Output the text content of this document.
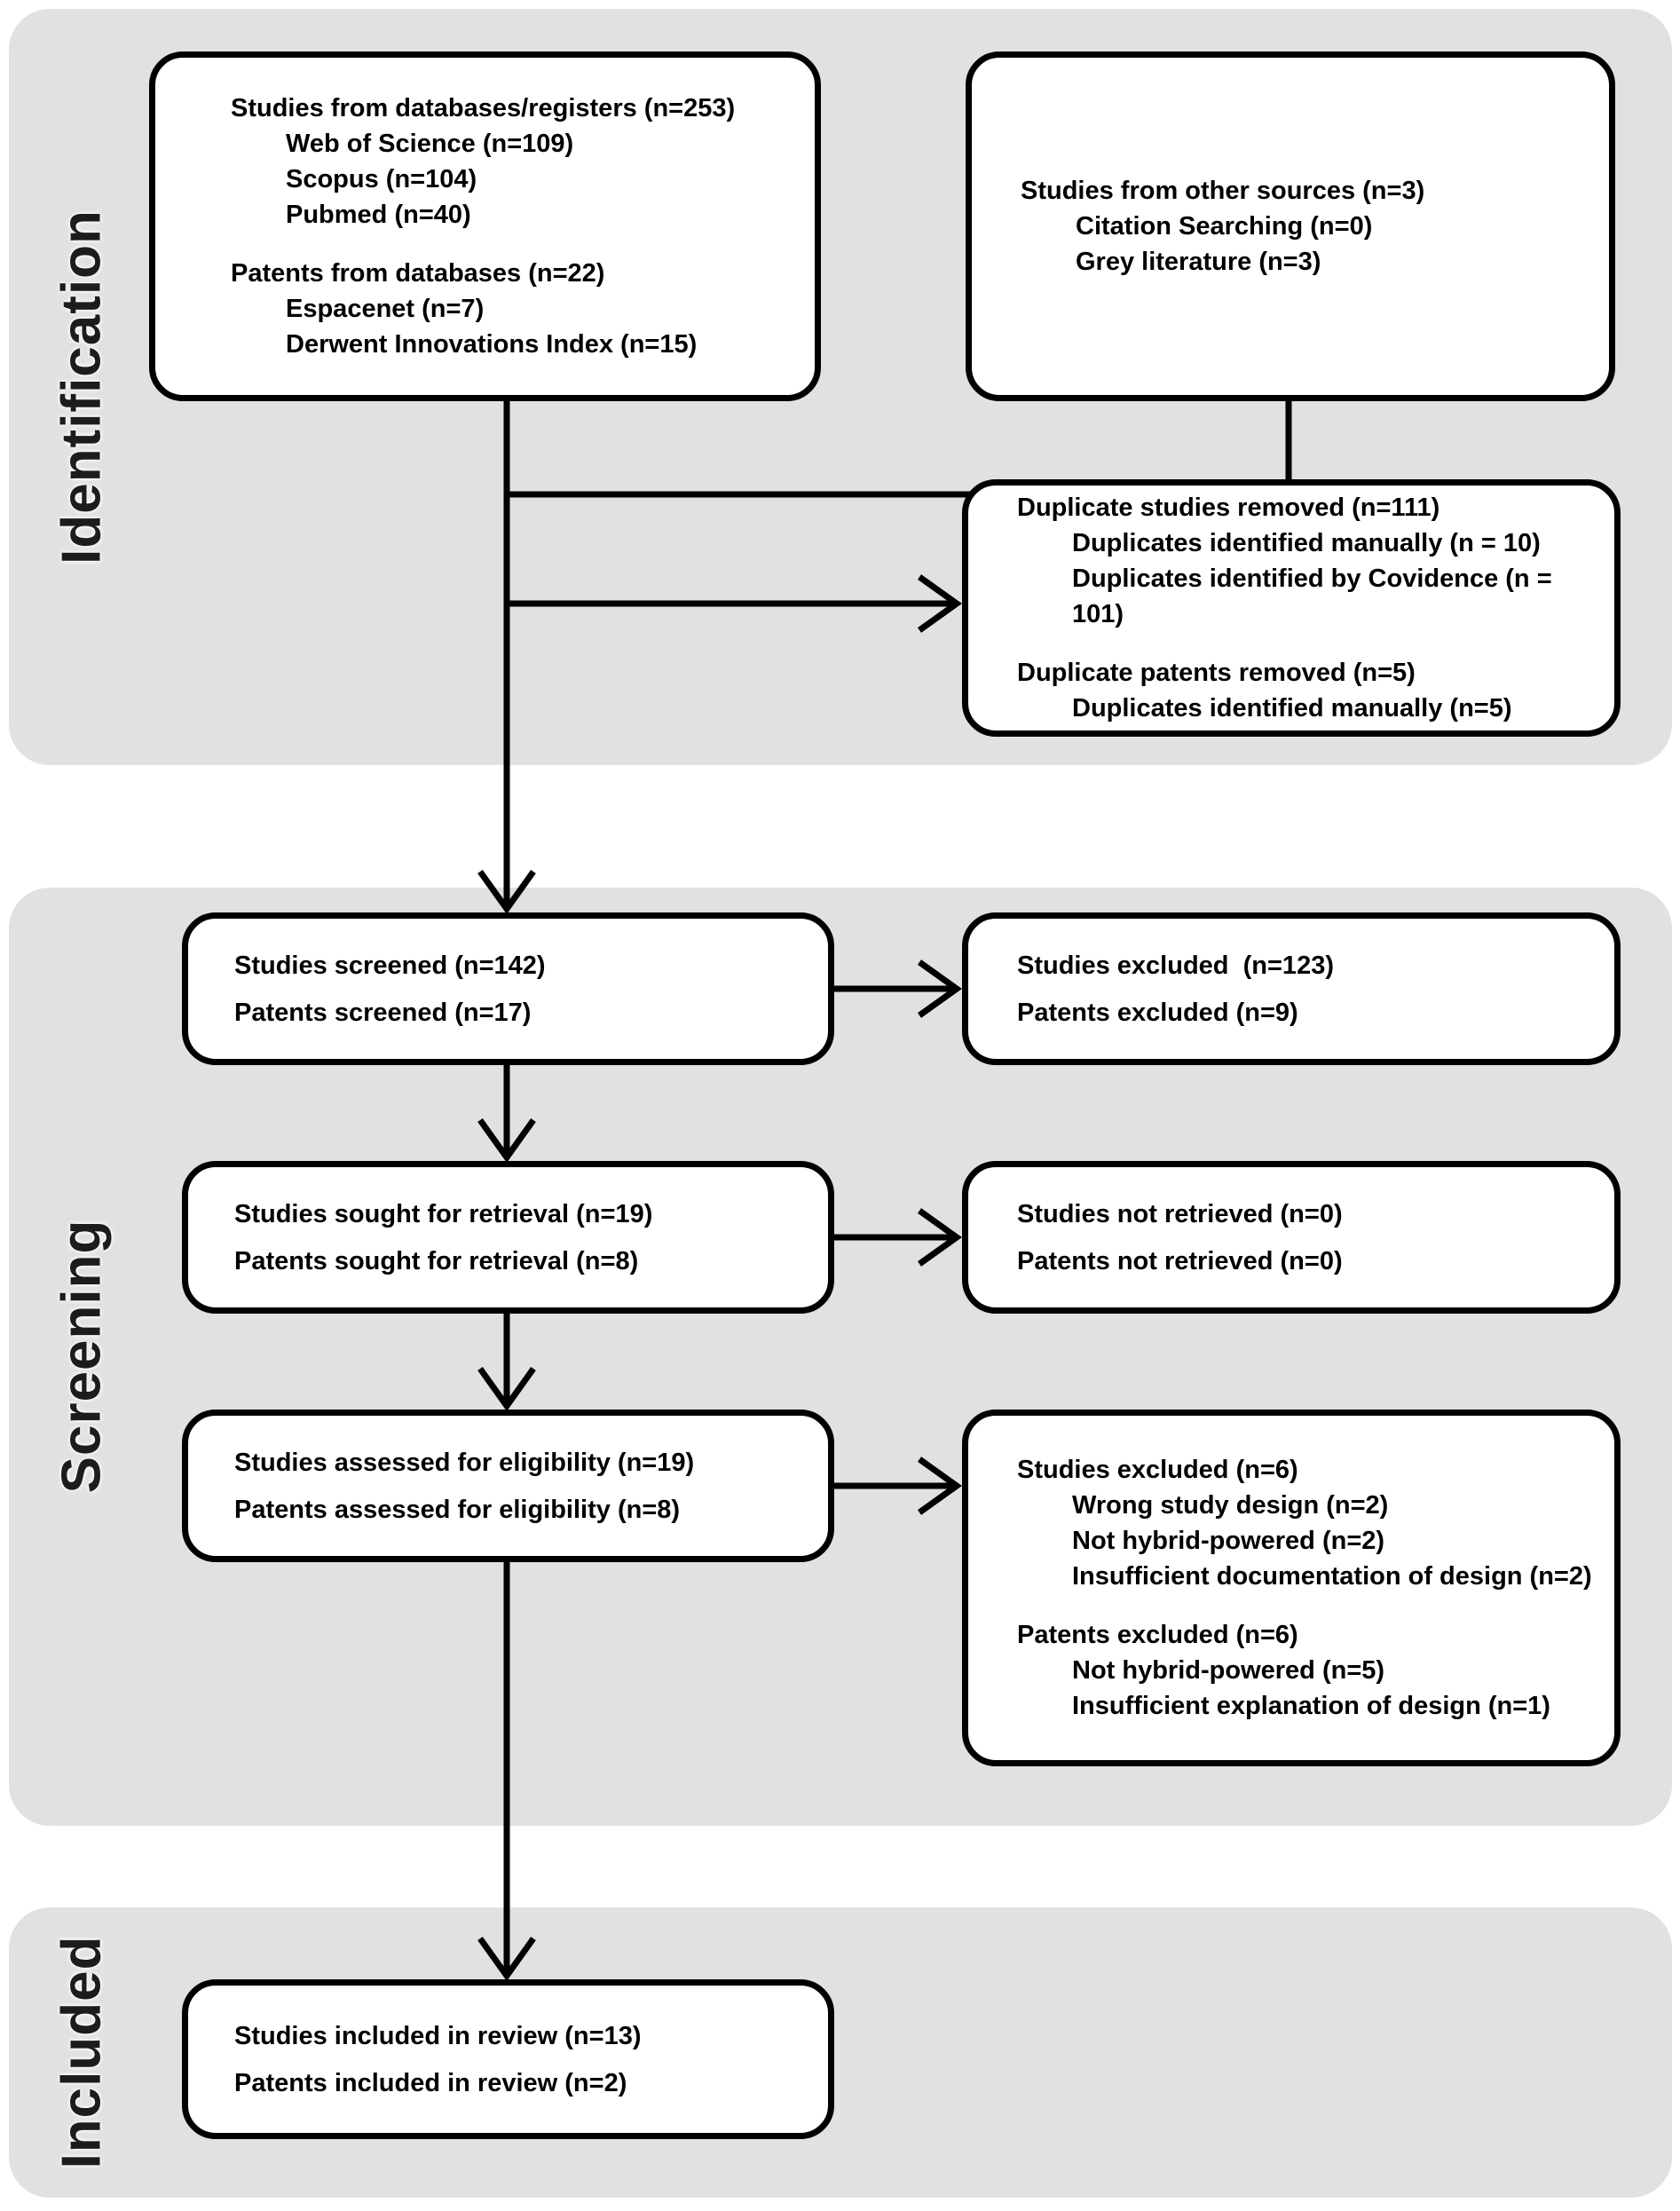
Identification
Screening
Included
Studies from databases/registers (n=253)
Web of Science (n=109)
Scopus (n=104)
Pubmed (n=40)
Patents from databases (n=22)
Espacenet (n=7)
Derwent Innovations Index (n=15)
Studies from other sources (n=3)
Citation Searching (n=0)
Grey literature (n=3)
Duplicate studies removed (n=111)
Duplicates identified manually (n = 10)
Duplicates identified by Covidence (n = 101)
Duplicate patents removed (n=5)
Duplicates identified manually (n=5)
Studies screened (n=142)
Patents screened (n=17)
Studies excluded  (n=123)
Patents excluded (n=9)
Studies sought for retrieval (n=19)
Patents sought for retrieval (n=8)
Studies not retrieved (n=0)
Patents not retrieved (n=0)
Studies assessed for eligibility (n=19)
Patents assessed for eligibility (n=8)
Studies excluded (n=6)
Wrong study design (n=2)
Not hybrid-powered (n=2)
Insufficient documentation of design (n=2)
Patents excluded (n=6)
Not hybrid-powered (n=5)
Insufficient explanation of design (n=1)
Studies included in review (n=13)
Patents included in review (n=2)
